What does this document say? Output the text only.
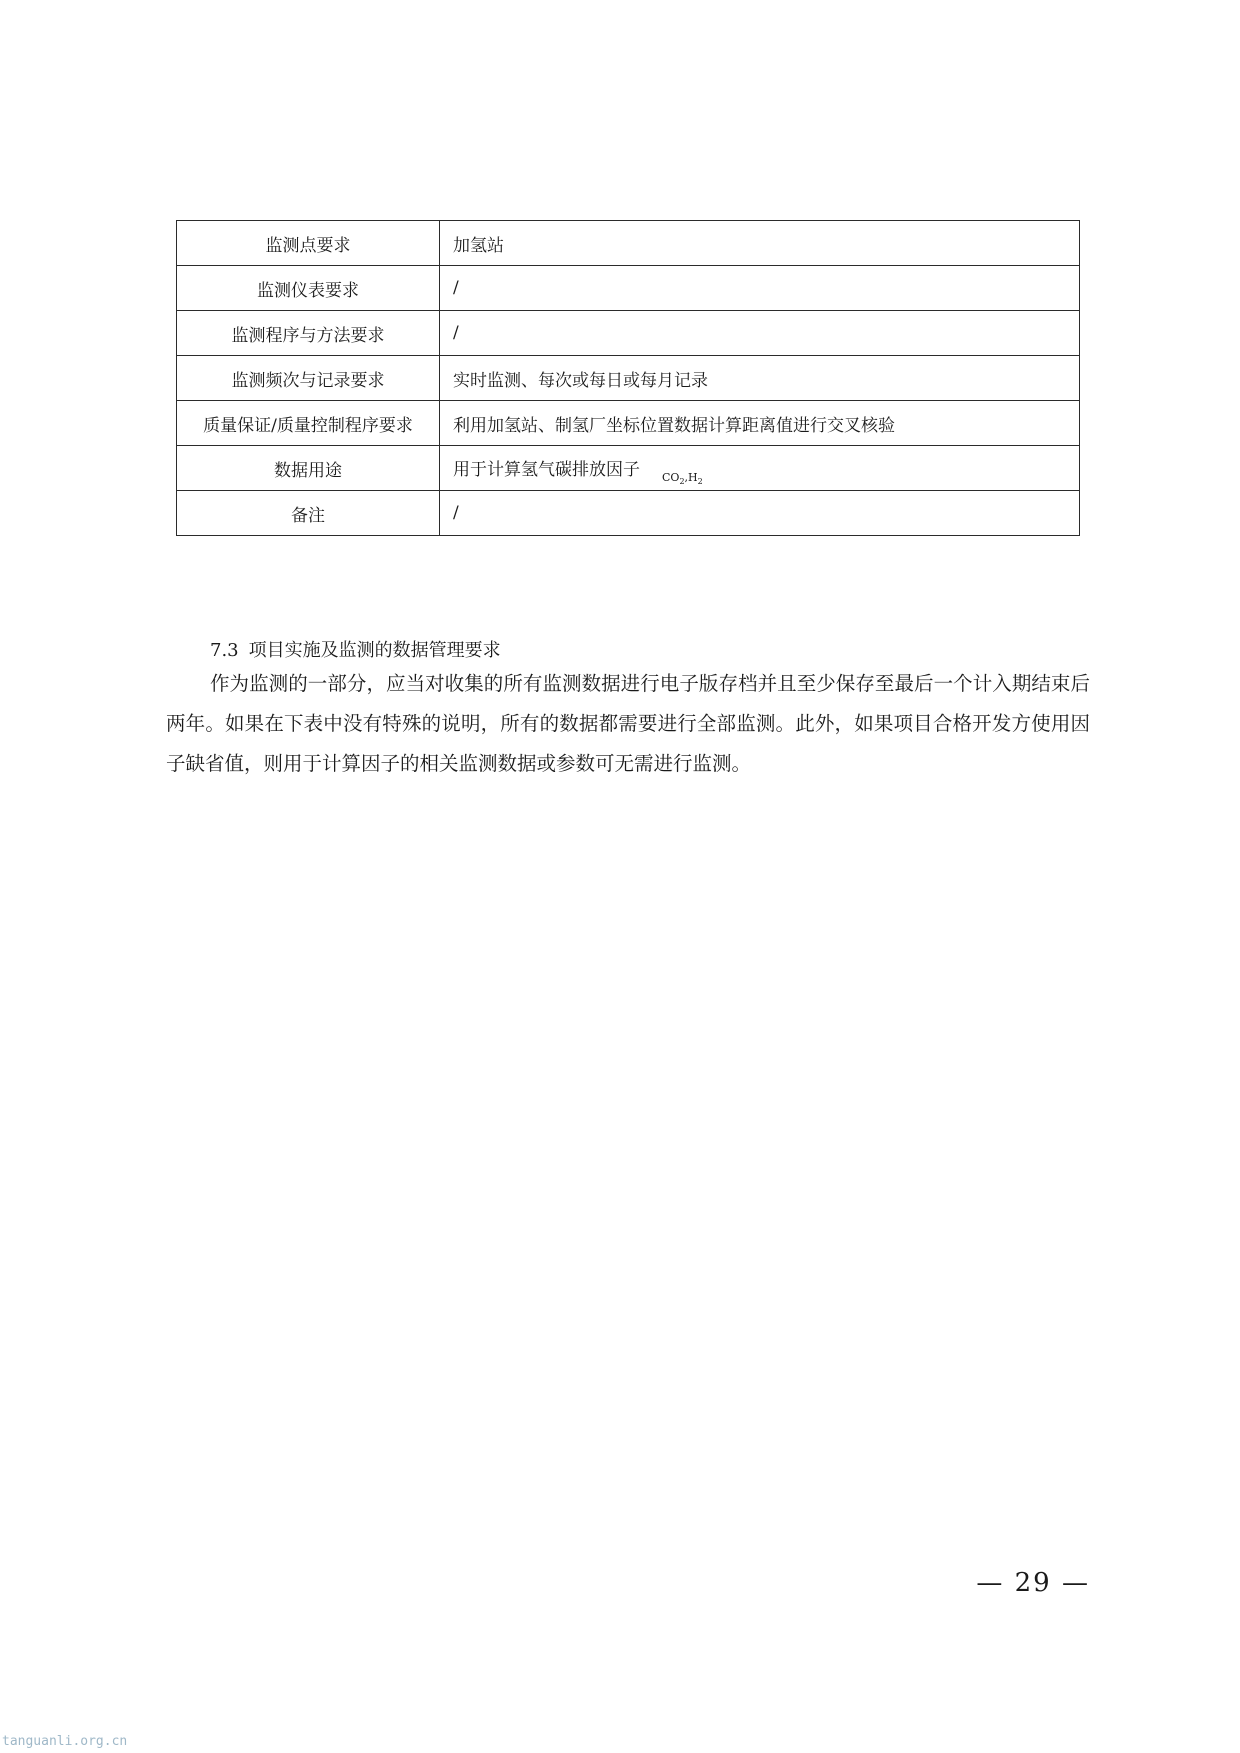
监测点要求	加氢站
监测仪表要求	/
监测程序与方法要求	/
监测频次与记录要求	实时监测、每次或每日或每月记录
质量保证/质量控制程序要求	利用加氢站、制氢厂坐标位置数据计算距离值进行交叉核验
数据用途	用于计算氢气碳排放因子 $_{CO_2,H_2}$
备注	/
7.3 项目实施及监测的数据管理要求

作为监测的一部分，应当对收集的所有监测数据进行电子版存档并且至少保存至最后一个计入期结束后两年。如果在下表中没有特殊的说明，所有的数据都需要进行全部监测。此外，如果项目合格开发方使用因子缺省值，则用于计算因子的相关监测数据或参数可无需进行监测。

— 29 —
tanguanli.org.cn
